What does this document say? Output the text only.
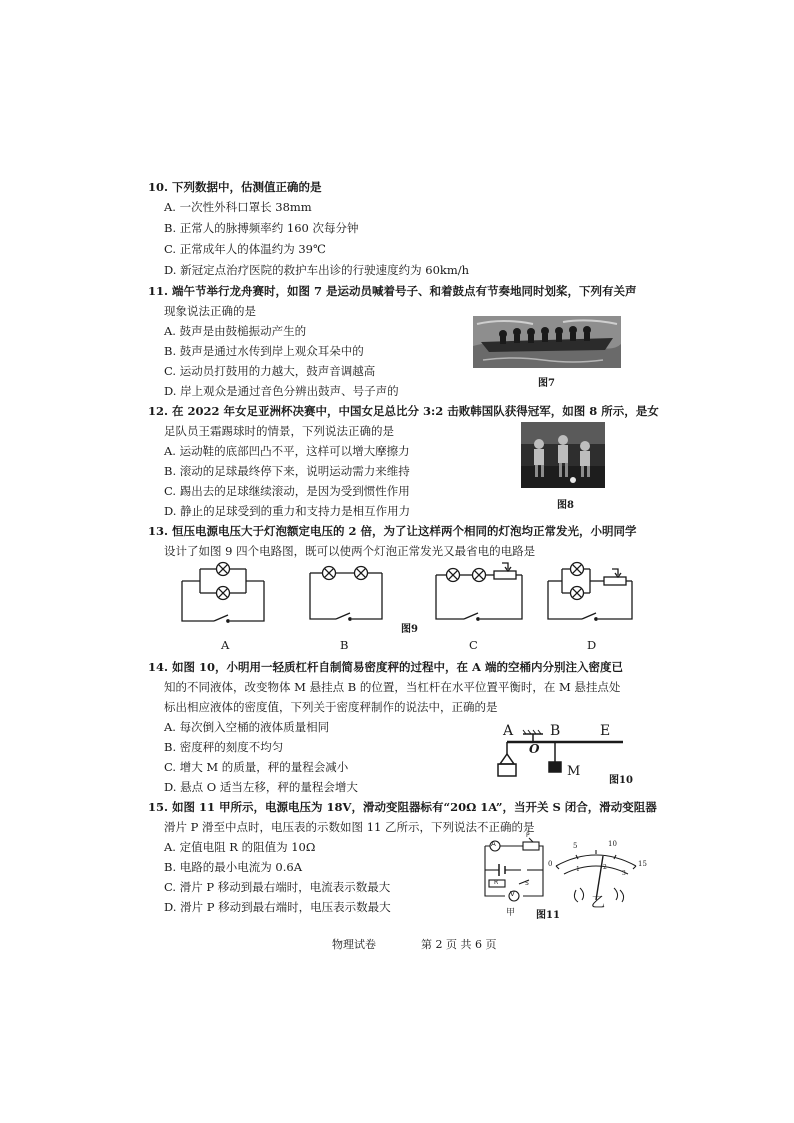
10. 下列数据中，估测值正确的是
A. 一次性外科口罩长 38mm
B. 正常人的脉搏频率约 160 次每分钟
C. 正常成年人的体温约为 39℃
D. 新冠定点治疗医院的救护车出诊的行驶速度约为 60km/h
11. 端午节举行龙舟赛时，如图 7 是运动员喊着号子、和着鼓点有节奏地同时划桨，下列有关声
现象说法正确的是
A. 鼓声是由鼓槌振动产生的
B. 鼓声是通过水传到岸上观众耳朵中的
C. 运动员打鼓用的力越大，鼓声音调越高
D. 岸上观众是通过音色分辨出鼓声、号子声的
图7
12. 在 2022 年女足亚洲杯决赛中，中国女足总比分 3:2 击败韩国队获得冠军，如图 8 所示，是女
足队员王霜踢球时的情景，下列说法正确的是
A. 运动鞋的底部凹凸不平，这样可以增大摩擦力
B. 滚动的足球最终停下来，说明运动需力来维持
C. 踢出去的足球继续滚动，是因为受到惯性作用
D. 静止的足球受到的重力和支持力是相互作用力	图8
13. 恒压电源电压大于灯泡额定电压的 2 倍，为了让这样两个相同的灯泡均正常发光，小明同学
设计了如图 9 四个电路图，既可以使两个灯泡正常发光又最省电的电路是
图9
A	B	C	D
14. 如图 10，小明用一轻质杠杆自制简易密度秤的过程中，在 A 端的空桶内分别注入密度已
知的不同液体，改变物体 M 悬挂点 B 的位置，当杠杆在水平位置平衡时，在 M 悬挂点处
标出相应液体的密度值，下列关于密度秤制作的说法中，正确的是
A. 每次倒入空桶的液体质量相同
B. 密度秤的刻度不均匀
C. 增大 M 的质量，秤的量程会减小
D. 悬点 O 适当左移，秤的量程会增大
A
O
B	E
M
图10
15. 如图 11 甲所示，电源电压为 18V，滑动变阻器标有“20Ω 1A”，当开关 S 闭合，滑动变阻器
滑片 P 滑至中点时，电压表的示数如图 11 乙所示，下列说法不正确的是
A. 定值电阻 R 的阻值为 10Ω
B. 电路的最小电流为 0.6A
C. 滑片 P 移动到最右端时，电流表示数最大
D. 滑片 P 移动到最右端时，电压表示数最大
A
V
R	S
P
甲 图11
0
5	10
15
1	2
3
乙
物理试卷	第 2 页 共 6 页
